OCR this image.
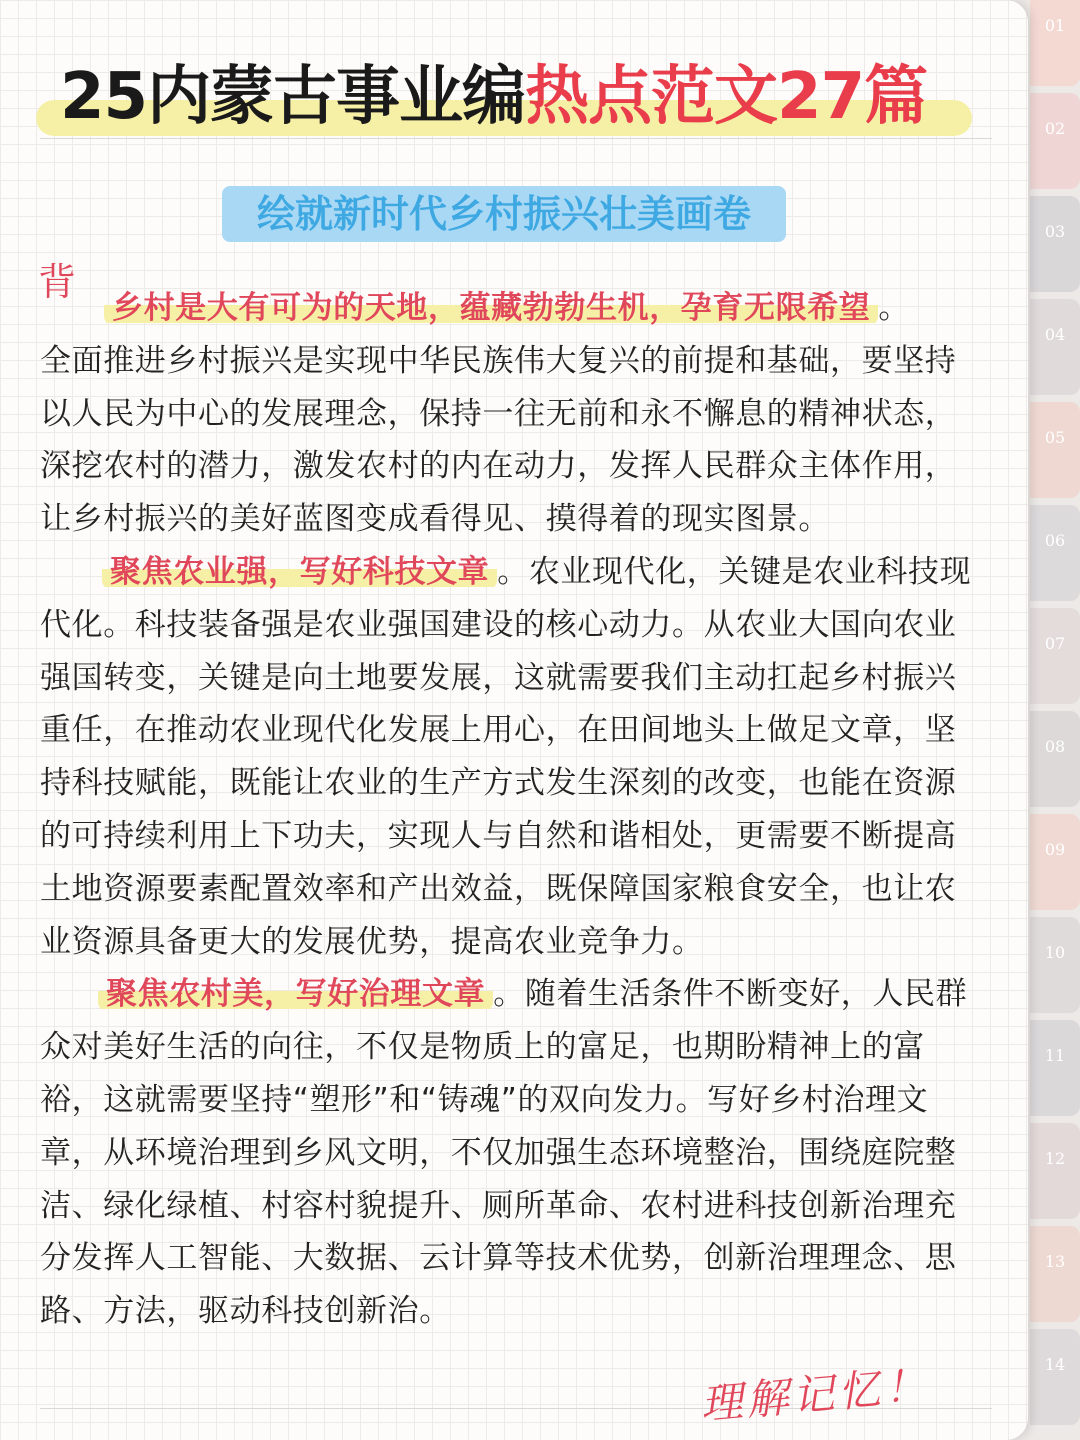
01
02
03
04
05
06
07
08
09
10
11
12
13
14
25内蒙古事业编热点范文27篇
绘就新时代乡村振兴壮美画卷
背

乡村是大有可为的天地，蕴藏勃勃生机，孕育无限希望 。
全面推进乡村振兴是实现中华民族伟大复兴的前提和基础，要坚持以人民为中心的发展理念，保持一往无前和永不懈息的精神状态，深挖农村的潜力，激发农村的内在动力，发挥人民群众主体作用，让乡村振兴的美好蓝图变成看得见、摸得着的现实图景。

聚焦农业强，写好科技文章 。农业现代化，关键是农业科技现代化。科技装备强是农业强国建设的核心动力。从农业大国向农业强国转变，关键是向土地要发展，这就需要我们主动扛起乡村振兴重任，在推动农业现代化发展上用心，在田间地头上做足文章，坚持科技赋能，既能让农业的生产方式发生深刻的改变，也能在资源的可持续利用上下功夫，实现人与自然和谐相处，更需要不断提高土地资源要素配置效率和产出效益，既保障国家粮食安全，也让农业资源具备更大的发展优势，提高农业竞争力。

聚焦农村美，写好治理文章 。随着生活条件不断变好，人民群众对美好生活的向往，不仅是物质上的富足，也期盼精神上的富裕，这就需要坚持“塑形”和“铸魂”的双向发力。写好乡村治理文章，从环境治理到乡风文明，不仅加强生态环境整治，围绕庭院整洁、绿化绿植、村容村貌提升、厕所革命、农村进科技创新治理充分发挥人工智能、大数据、云计算等技术优势，创新治理理念、思路、方法，驱动科技创新治。

理解记忆！
